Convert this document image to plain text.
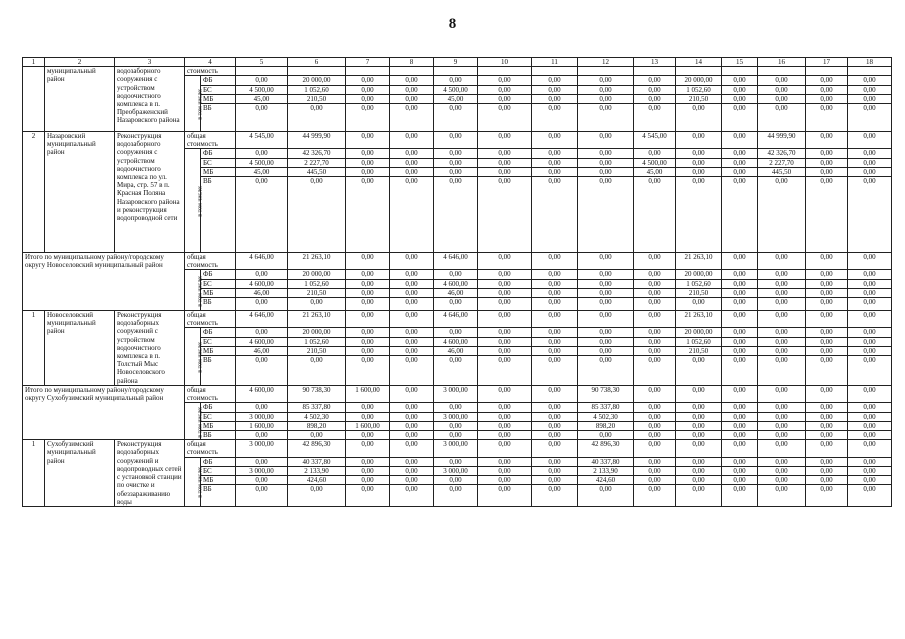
8
1	2	3	4		5	6	7	8	9	10	11	12	13	14	15	16	17	18
	муниципальный район	водозаборного сооружения с устройством водоочистного комплекса в п. Преображенский Назаровского района	стоимость															
			в том числе:	ФБ	0,00	20 000,00	0,00	0,00	0,00	0,00	0,00	0,00	0,00	20 000,00	0,00	0,00	0,00	0,00
				БС	4 500,00	1 052,60	0,00	0,00	4 500,00	0,00	0,00	0,00	0,00	1 052,60	0,00	0,00	0,00	0,00
				МБ	45,00	210,50	0,00	0,00	45,00	0,00	0,00	0,00	0,00	210,50	0,00	0,00	0,00	0,00
				ВБ	0,00	0,00	0,00	0,00	0,00	0,00	0,00	0,00	0,00	0,00	0,00	0,00	0,00	0,00
2	Назаровский муниципальный район	Реконструкция водозаборного сооружения с устройством водоочистного комплекса по ул. Мира, стр. 57 в п. Красная Поляна Назаровского района и реконструкция водопроводной сети	общая стоимость		4 545,00	44 999,90	0,00	0,00	0,00	0,00	0,00	0,00	4 545,00	0,00	0,00	44 999,90	0,00	0,00
			в том числе:	ФБ	0,00	42 326,70	0,00	0,00	0,00	0,00	0,00	0,00	0,00	0,00	0,00	42 326,70	0,00	0,00
				БС	4 500,00	2 227,70	0,00	0,00	0,00	0,00	0,00	0,00	4 500,00	0,00	0,00	2 227,70	0,00	0,00
				МБ	45,00	445,50	0,00	0,00	0,00	0,00	0,00	0,00	45,00	0,00	0,00	445,50	0,00	0,00
				ВБ	0,00	0,00	0,00	0,00	0,00	0,00	0,00	0,00	0,00	0,00	0,00	0,00	0,00	0,00
Итого по муниципальному району/городскому округу Новоселовский муниципальный район			общая стоимость		4 646,00	21 263,10	0,00	0,00	4 646,00	0,00	0,00	0,00	0,00	21 263,10	0,00	0,00	0,00	0,00
			в том числе:	ФБ	0,00	20 000,00	0,00	0,00	0,00	0,00	0,00	0,00	0,00	20 000,00	0,00	0,00	0,00	0,00
				БС	4 600,00	1 052,60	0,00	0,00	4 600,00	0,00	0,00	0,00	0,00	1 052,60	0,00	0,00	0,00	0,00
				МБ	46,00	210,50	0,00	0,00	46,00	0,00	0,00	0,00	0,00	210,50	0,00	0,00	0,00	0,00
				ВБ	0,00	0,00	0,00	0,00	0,00	0,00	0,00	0,00	0,00	0,00	0,00	0,00	0,00	0,00
1	Новоселовский муниципальный район	Реконструкция водозаборных сооружений с устройством водоочистного комплекса в п. Толстый Мыс Новоселовского района	общая стоимость		4 646,00	21 263,10	0,00	0,00	4 646,00	0,00	0,00	0,00	0,00	21 263,10	0,00	0,00	0,00	0,00
			в том числе:	ФБ	0,00	20 000,00	0,00	0,00	0,00	0,00	0,00	0,00	0,00	20 000,00	0,00	0,00	0,00	0,00
				БС	4 600,00	1 052,60	0,00	0,00	4 600,00	0,00	0,00	0,00	0,00	1 052,60	0,00	0,00	0,00	0,00
				МБ	46,00	210,50	0,00	0,00	46,00	0,00	0,00	0,00	0,00	210,50	0,00	0,00	0,00	0,00
				ВБ	0,00	0,00	0,00	0,00	0,00	0,00	0,00	0,00	0,00	0,00	0,00	0,00	0,00	0,00
Итого по муниципальному району/городскому округу Сухобузимский муниципальный район			общая стоимость		4 600,00	90 738,30	1 600,00	0,00	3 000,00	0,00	0,00	90 738,30	0,00	0,00	0,00	0,00	0,00	0,00
			в том числе:	ФБ	0,00	85 337,80	0,00	0,00	0,00	0,00	0,00	85 337,80	0,00	0,00	0,00	0,00	0,00	0,00
				БС	3 000,00	4 502,30	0,00	0,00	3 000,00	0,00	0,00	4 502,30	0,00	0,00	0,00	0,00	0,00	0,00
				МБ	1 600,00	898,20	1 600,00	0,00	0,00	0,00	0,00	898,20	0,00	0,00	0,00	0,00	0,00	0,00
				ВБ	0,00	0,00	0,00	0,00	0,00	0,00	0,00	0,00	0,00	0,00	0,00	0,00	0,00	0,00
1	Сухобузимский муниципальный район	Реконструкция водозаборных сооружений и водопроводных сетей с установкой станции по очистке и обеззараживанию воды	общая стоимость		3 000,00	42 896,30	0,00	0,00	3 000,00	0,00	0,00	42 896,30	0,00	0,00	0,00	0,00	0,00	0,00
			в том числе:	ФБ	0,00	40 337,80	0,00	0,00	0,00	0,00	0,00	40 337,80	0,00	0,00	0,00	0,00	0,00	0,00
				БС	3 000,00	2 133,90	0,00	0,00	3 000,00	0,00	0,00	2 133,90	0,00	0,00	0,00	0,00	0,00	0,00
				МБ	0,00	424,60	0,00	0,00	0,00	0,00	0,00	424,60	0,00	0,00	0,00	0,00	0,00	0,00
				ВБ	0,00	0,00	0,00	0,00	0,00	0,00	0,00	0,00	0,00	0,00	0,00	0,00	0,00	0,00
